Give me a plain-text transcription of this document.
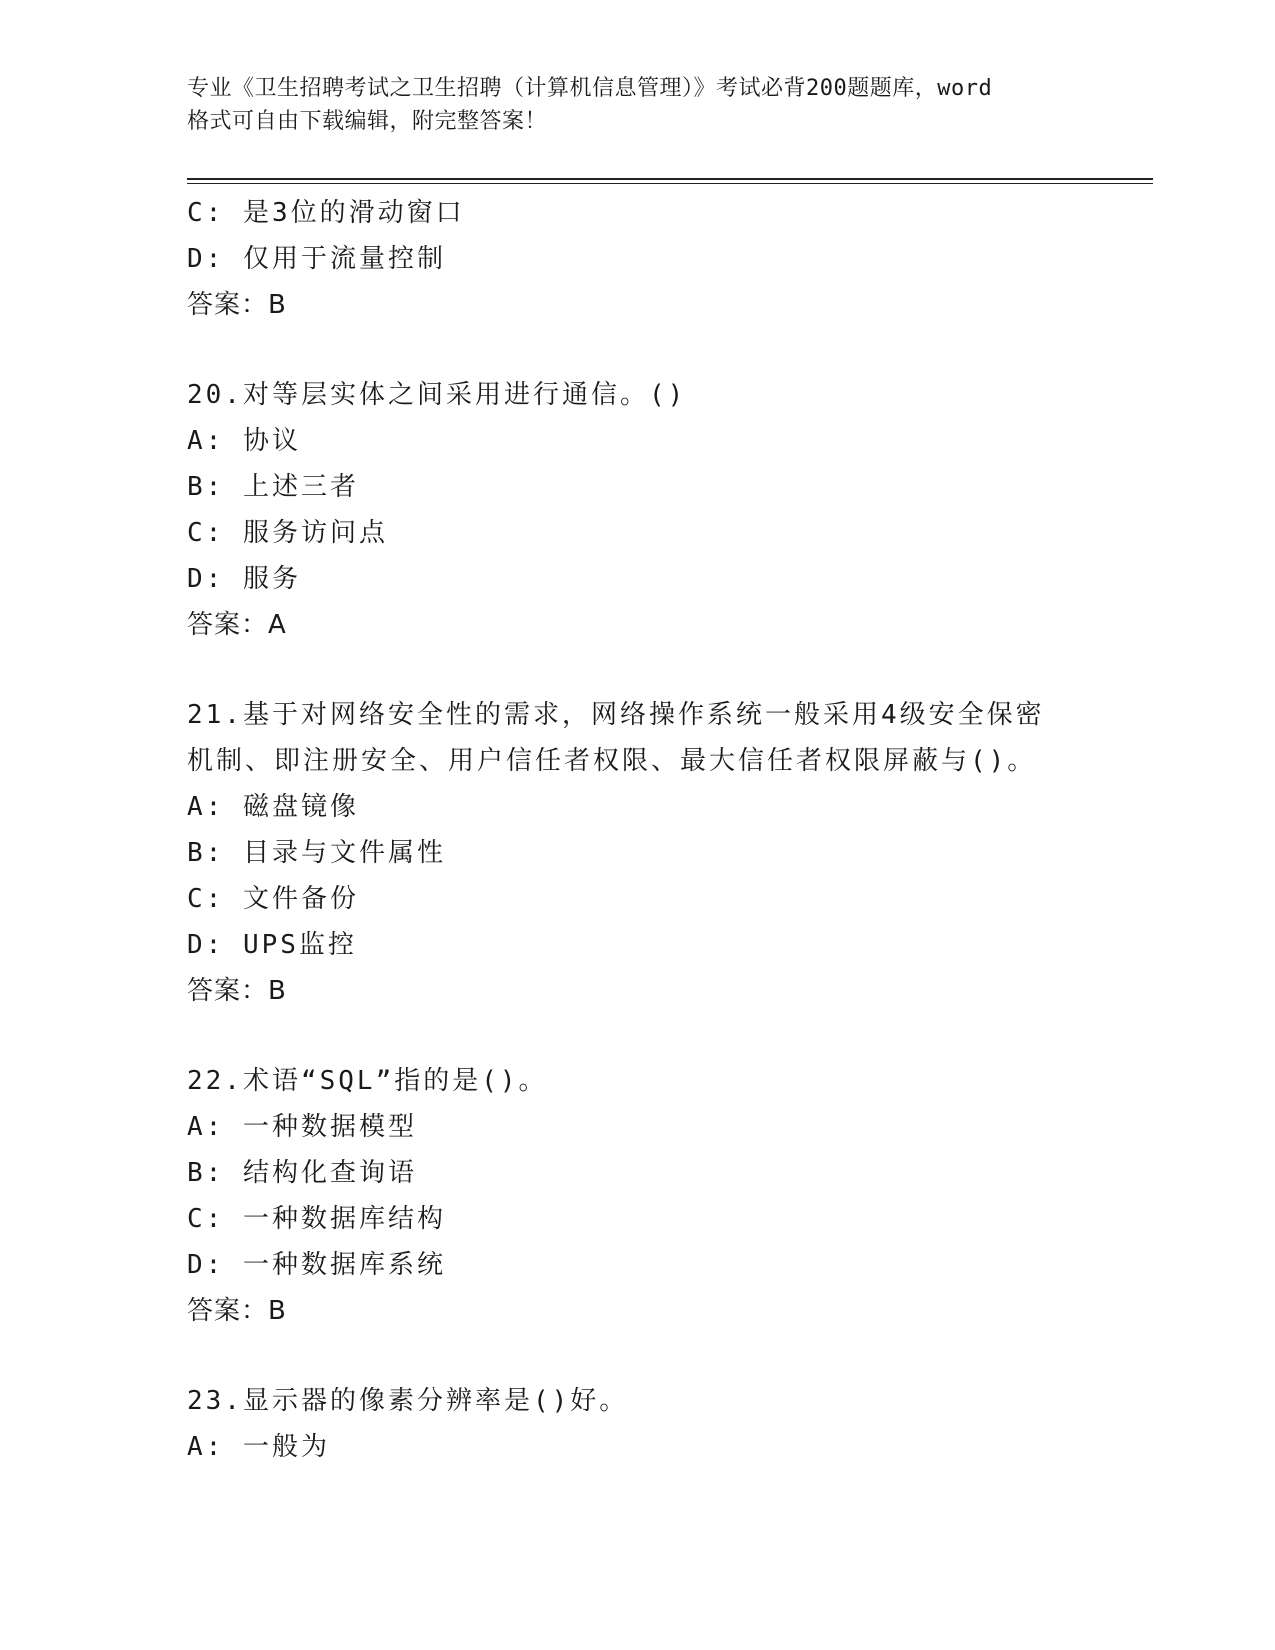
专业《卫生招聘考试之卫生招聘（计算机信息管理）》考试必背200题题库，word
格式可自由下载编辑，附完整答案！
C: 是3位的滑动窗口
D: 仅用于流量控制
答案：B
20.对等层实体之间采用进行通信。()
A: 协议
B: 上述三者
C: 服务访问点
D: 服务
答案：A
21.基于对网络安全性的需求，网络操作系统一般采用4级安全保密机制、即注册安全、用户信任者权限、最大信任者权限屏蔽与()。
A: 磁盘镜像
B: 目录与文件属性
C: 文件备份
D: UPS监控
答案：B
22.术语“SQL”指的是()。
A: 一种数据模型
B: 结构化查询语
C: 一种数据库结构
D: 一种数据库系统
答案：B
23.显示器的像素分辨率是()好。
A: 一般为
